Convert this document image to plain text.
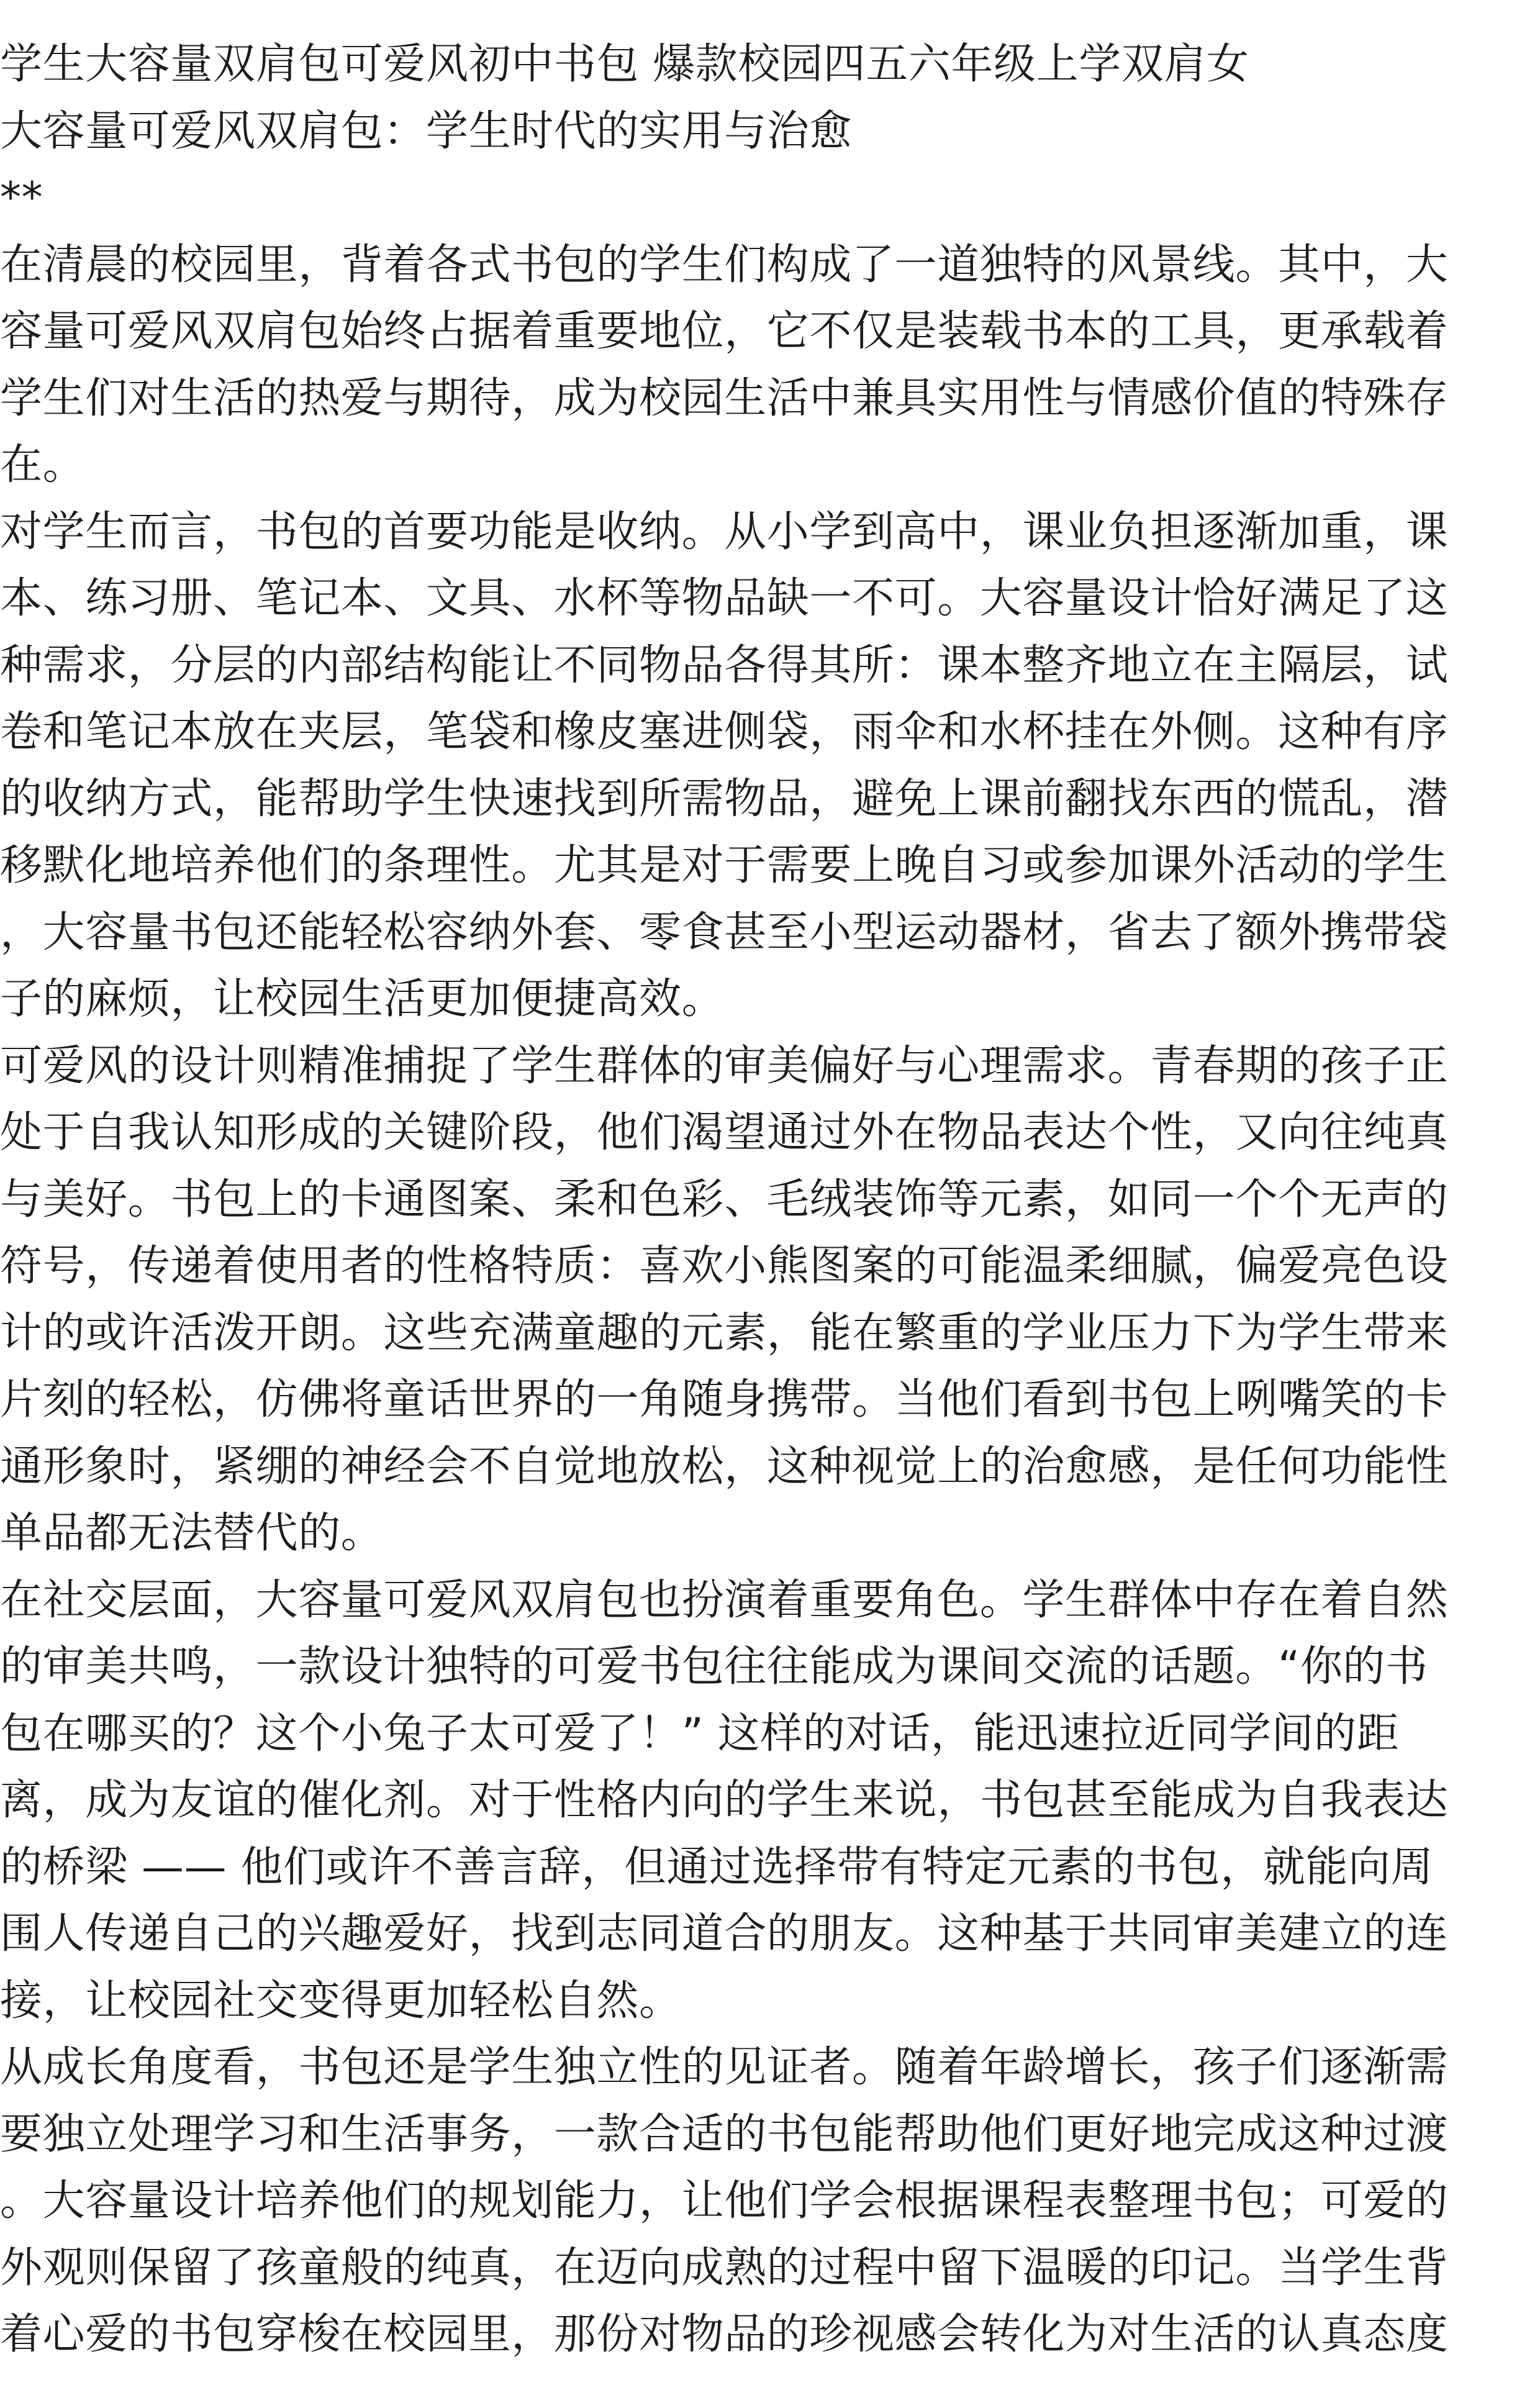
学生大容量双肩包可爱风初中书包 爆款校园四五六年级上学双肩女
大容量可爱风双肩包：学生时代的实用与治愈
**
在清晨的校园里，背着各式书包的学生们构成了一道独特的风景线。其中，大
容量可爱风双肩包始终占据着重要地位，它不仅是装载书本的工具，更承载着
学生们对生活的热爱与期待，成为校园生活中兼具实用性与情感价值的特殊存
在。
对学生而言，书包的首要功能是收纳。从小学到高中，课业负担逐渐加重，课
本、练习册、笔记本、文具、水杯等物品缺一不可。大容量设计恰好满足了这
种需求，分层的内部结构能让不同物品各得其所：课本整齐地立在主隔层，试
卷和笔记本放在夹层，笔袋和橡皮塞进侧袋，雨伞和水杯挂在外侧。这种有序
的收纳方式，能帮助学生快速找到所需物品，避免上课前翻找东西的慌乱，潜
移默化地培养他们的条理性。尤其是对于需要上晚自习或参加课外活动的学生
，大容量书包还能轻松容纳外套、零食甚至小型运动器材，省去了额外携带袋
子的麻烦，让校园生活更加便捷高效。
可爱风的设计则精准捕捉了学生群体的审美偏好与心理需求。青春期的孩子正
处于自我认知形成的关键阶段，他们渴望通过外在物品表达个性，又向往纯真
与美好。书包上的卡通图案、柔和色彩、毛绒装饰等元素，如同一个个无声的
符号，传递着使用者的性格特质：喜欢小熊图案的可能温柔细腻，偏爱亮色设
计的或许活泼开朗。这些充满童趣的元素，能在繁重的学业压力下为学生带来
片刻的轻松，仿佛将童话世界的一角随身携带。当他们看到书包上咧嘴笑的卡
通形象时，紧绷的神经会不自觉地放松，这种视觉上的治愈感，是任何功能性
单品都无法替代的。
在社交层面，大容量可爱风双肩包也扮演着重要角色。学生群体中存在着自然
的审美共鸣，一款设计独特的可爱书包往往能成为课间交流的话题。“你的书
包在哪买的？这个小兔子太可爱了！” 这样的对话，能迅速拉近同学间的距
离，成为友谊的催化剂。对于性格内向的学生来说，书包甚至能成为自我表达
的桥梁 —— 他们或许不善言辞，但通过选择带有特定元素的书包，就能向周
围人传递自己的兴趣爱好，找到志同道合的朋友。这种基于共同审美建立的连
接，让校园社交变得更加轻松自然。
从成长角度看，书包还是学生独立性的见证者。随着年龄增长，孩子们逐渐需
要独立处理学习和生活事务，一款合适的书包能帮助他们更好地完成这种过渡
。大容量设计培养他们的规划能力，让他们学会根据课程表整理书包；可爱的
外观则保留了孩童般的纯真，在迈向成熟的过程中留下温暖的印记。当学生背
着心爱的书包穿梭在校园里，那份对物品的珍视感会转化为对生活的认真态度
